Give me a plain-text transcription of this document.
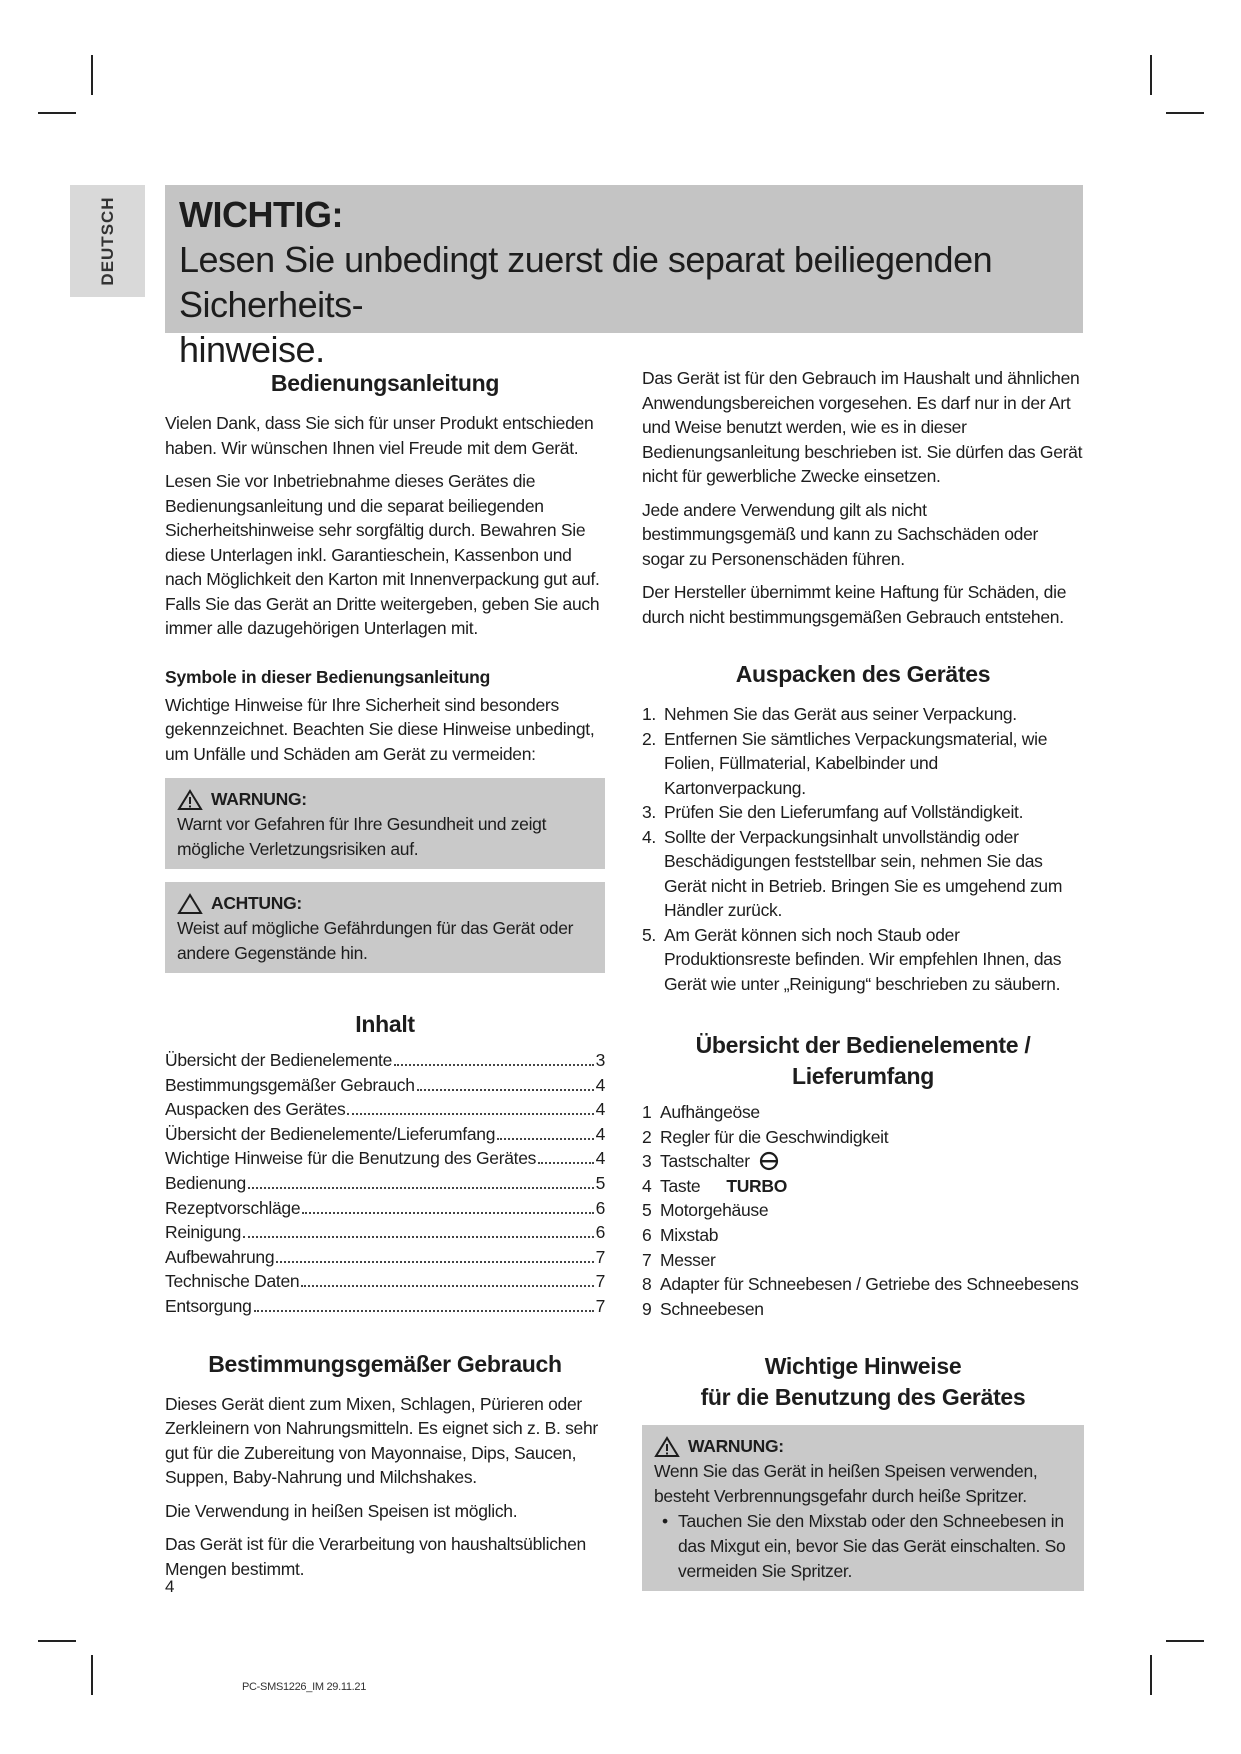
DEUTSCH WICHTIG:
Lesen Sie unbedingt zuerst die separat beiliegenden Sicherheits-
hinweise.
Bedienungsanleitung

Vielen Dank, dass Sie sich für unser Produkt entschieden haben. Wir wünschen Ihnen viel Freude mit dem Gerät.

Lesen Sie vor Inbetriebnahme dieses Gerätes die Bedienungsanleitung und die separat beiliegenden Sicherheitshinweise sehr sorgfältig durch. Bewahren Sie diese Unterlagen inkl. Garantieschein, Kassenbon und nach Möglichkeit den Karton mit Innenverpackung gut auf. Falls Sie das Gerät an Dritte weitergeben, geben Sie auch immer alle dazugehörigen Unterlagen mit.

Symbole in dieser Bedienungsanleitung

Wichtige Hinweise für Ihre Sicherheit sind besonders gekennzeichnet. Beachten Sie diese Hinweise unbedingt, um Unfälle und Schäden am Gerät zu vermeiden:

WARNUNG:
Warnt vor Gefahren für Ihre Gesundheit und zeigt mögliche Verletzungsrisiken auf.
ACHTUNG:
Weist auf mögliche Gefährdungen für das Gerät oder andere Gegenstände hin.
Inhalt
Übersicht der Bedienelemente	3
Bestimmungsgemäßer Gebrauch	4
Auspacken des Gerätes	4
Übersicht der Bedienelemente/Lieferumfang	4
Wichtige Hinweise für die Benutzung des Gerätes	4
Bedienung	5
Rezeptvorschläge	6
Reinigung	6
Aufbewahrung	7
Technische Daten	7
Entsorgung	7
Bestimmungsgemäßer Gebrauch

Dieses Gerät dient zum Mixen, Schlagen, Pürieren oder Zerkleinern von Nahrungsmitteln. Es eignet sich z. B. sehr gut für die Zubereitung von Mayonnaise, Dips, Saucen, Suppen, Baby-Nahrung und Milchshakes.

Die Verwendung in heißen Speisen ist möglich.

Das Gerät ist für die Verarbeitung von haushaltsüblichen Mengen bestimmt.

Das Gerät ist für den Gebrauch im Haushalt und ähnlichen Anwendungsbereichen vorgesehen. Es darf nur in der Art und Weise benutzt werden, wie es in dieser Bedienungsanleitung beschrieben ist. Sie dürfen das Gerät nicht für gewerbliche Zwecke einsetzen.

Jede andere Verwendung gilt als nicht bestimmungsgemäß und kann zu Sachschäden oder sogar zu Personenschäden führen.

Der Hersteller übernimmt keine Haftung für Schäden, die durch nicht bestimmungsgemäßen Gebrauch entstehen.

Auspacken des Gerätes
1. Nehmen Sie das Gerät aus seiner Verpackung.
2. Entfernen Sie sämtliches Verpackungsmaterial, wie Folien, Füllmaterial, Kabelbinder und Kartonverpackung.
3. Prüfen Sie den Lieferumfang auf Vollständigkeit.
4. Sollte der Verpackungsinhalt unvollständig oder Beschädigungen feststellbar sein, nehmen Sie das Gerät nicht in Betrieb. Bringen Sie es umgehend zum Händler zurück.
5. Am Gerät können sich noch Staub oder Produktionsreste befinden. Wir empfehlen Ihnen, das Gerät wie unter „Reinigung“ beschrieben zu säubern.
Übersicht der Bedienelemente /
Lieferumfang
1 Aufhängeöse
2 Regler für die Geschwindigkeit
3 Tastschalter
4 Taste TURBO
5 Motorgehäuse
6 Mixstab
7 Messer
8 Adapter für Schneebesen / Getriebe des Schneebesens
9 Schneebesen
Wichtige Hinweise
für die Benutzung des Gerätes
WARNUNG:
Wenn Sie das Gerät in heißen Speisen verwenden, besteht Verbrennungsgefahr durch heiße Spritzer.
• Tauchen Sie den Mixstab oder den Schneebesen in das Mixgut ein, bevor Sie das Gerät einschalten. So vermeiden Sie Spritzer.
4
PC-SMS1226_IM 29.11.21
